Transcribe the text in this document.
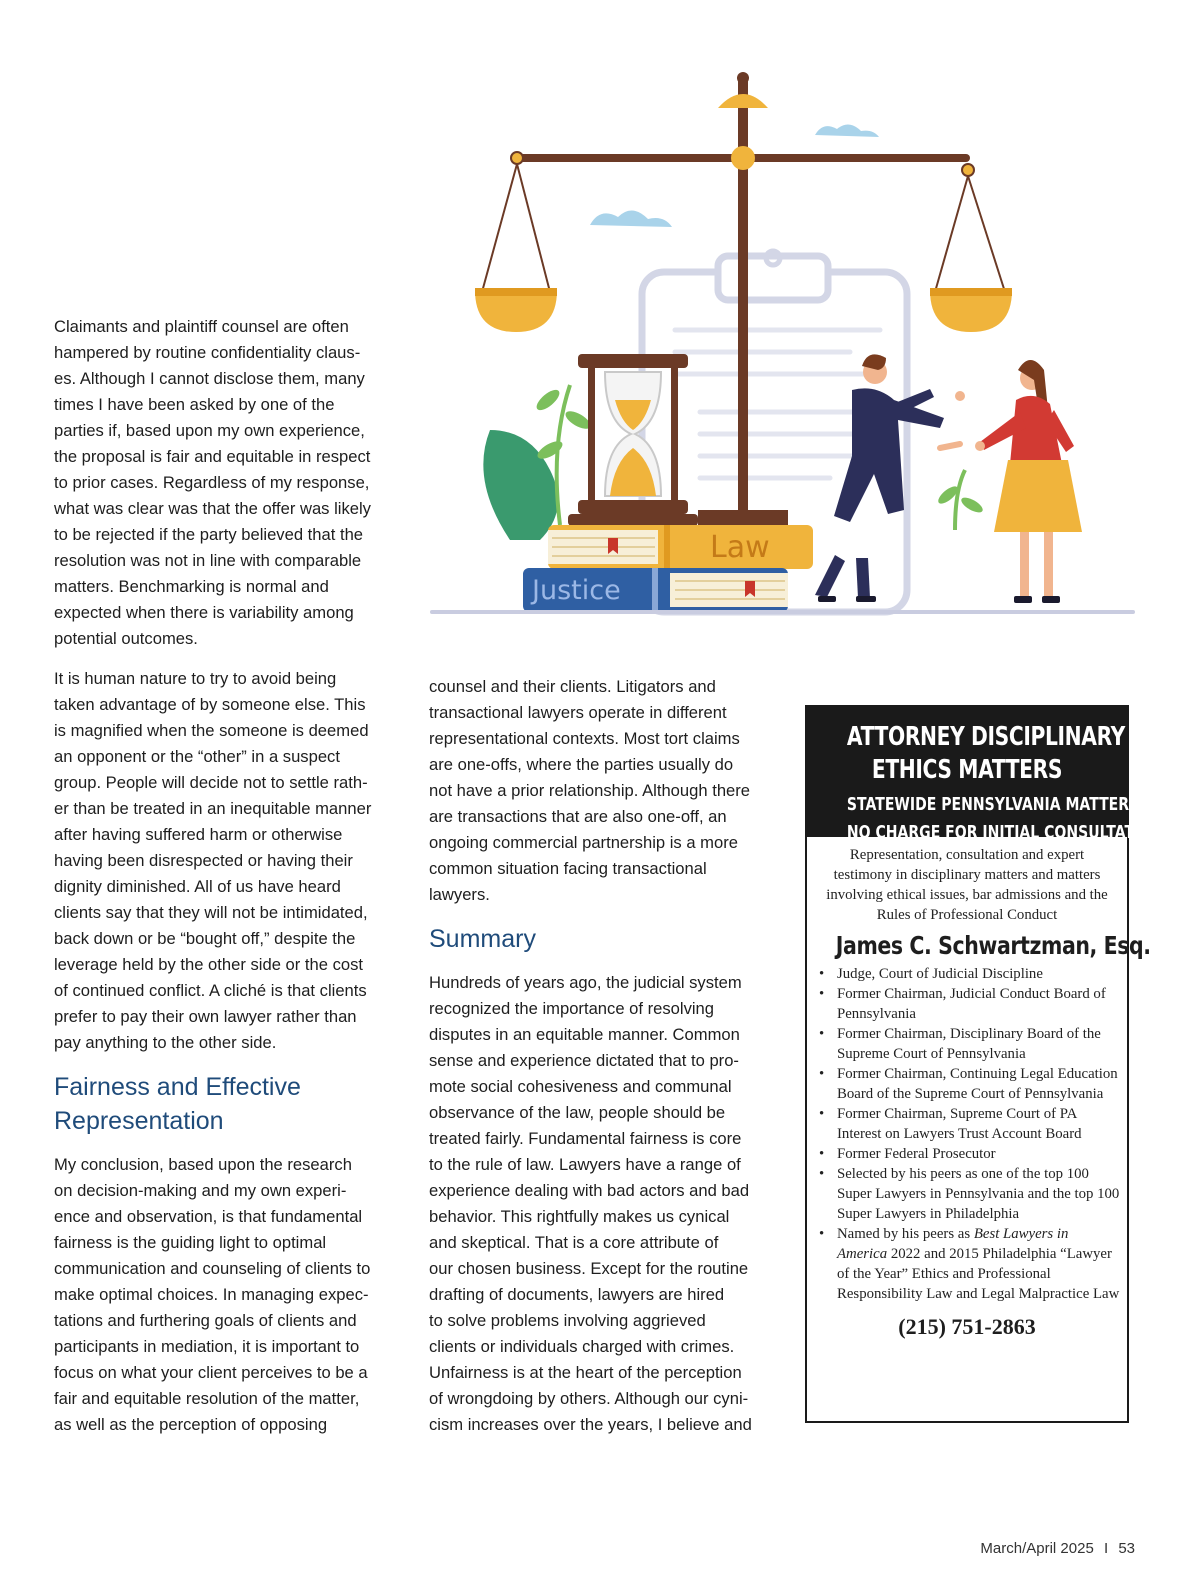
Claimants and plaintiff counsel are often
hampered by routine confidentiality claus-
es. Although I cannot disclose them, many
times I have been asked by one of the
parties if, based upon my own experience,
the proposal is fair and equitable in respect
to prior cases. Regardless of my response,
what was clear was that the offer was likely
to be rejected if the party believed that the
resolution was not in line with comparable
matters. Benchmarking is normal and
expected when there is variability among
potential outcomes.

It is human nature to try to avoid being
taken advantage of by someone else. This
is magnified when the someone is deemed
an opponent or the “other” in a suspect
group. People will decide not to settle rath-
er than be treated in an inequitable manner
after having suffered harm or otherwise
having been disrespected or having their
dignity diminished. All of us have heard
clients say that they will not be intimidated,
back down or be “bought off,” despite the
leverage held by the other side or the cost
of continued conflict. A cliché is that clients
prefer to pay their own lawyer rather than
pay anything to the other side.

Fairness and Effective
Representation

My conclusion, based upon the research
on decision-making and my own experi-
ence and observation, is that fundamental
fairness is the guiding light to optimal
communication and counseling of clients to
make optimal choices. In managing expec-
tations and furthering goals of clients and
participants in mediation, it is important to
focus on what your client perceives to be a
fair and equitable resolution of the matter,
as well as the perception of opposing

counsel and their clients. Litigators and
transactional lawyers operate in different
representational contexts. Most tort claims
are one-offs, where the parties usually do
not have a prior relationship. Although there
are transactions that are also one-off, an
ongoing commercial partnership is a more
common situation facing transactional
lawyers.

Summary

Hundreds of years ago, the judicial system
recognized the importance of resolving
disputes in an equitable manner. Common
sense and experience dictated that to pro-
mote social cohesiveness and communal
observance of the law, people should be
treated fairly. Fundamental fairness is core
to the rule of law. Lawyers have a range of
experience dealing with bad actors and bad
behavior. This rightfully makes us cynical
and skeptical. That is a core attribute of
our chosen business. Except for the routine
drafting of documents, lawyers are hired
to solve problems involving aggrieved
clients or individuals charged with crimes.
Unfairness is at the heart of the perception
of wrongdoing by others. Although our cyni-
cism increases over the years, I believe and

Law
Justice
ATTORNEY DISCIPLINARY /
ETHICS MATTERS
STATEWIDE PENNSYLVANIA MATTERS
NO CHARGE FOR INITIAL CONSULTATION
Representation, consultation and expert testimony in disciplinary matters and matters involving ethical issues, bar admissions and the Rules of Professional Conduct
James C. Schwartzman, Esq.
• Judge, Court of Judicial Discipline
• Former Chairman, Judicial Conduct Board of Pennsylvania
• Former Chairman, Disciplinary Board of the Supreme Court of Pennsylvania
• Former Chairman, Continuing Legal Education Board of the Supreme Court of Pennsylvania
• Former Chairman, Supreme Court of PA Interest on Lawyers Trust Account Board
• Former Federal Prosecutor
• Selected by his peers as one of the top 100 Super Lawyers in Pennsylvania and the top 100 Super Lawyers in Philadelphia
• Named by his peers as Best Lawyers in America 2022 and 2015 Philadelphia “Lawyer of the Year” Ethics and Professional Responsibility Law and Legal Malpractice Law
(215) 751-2863
March/April 2025 I 53
